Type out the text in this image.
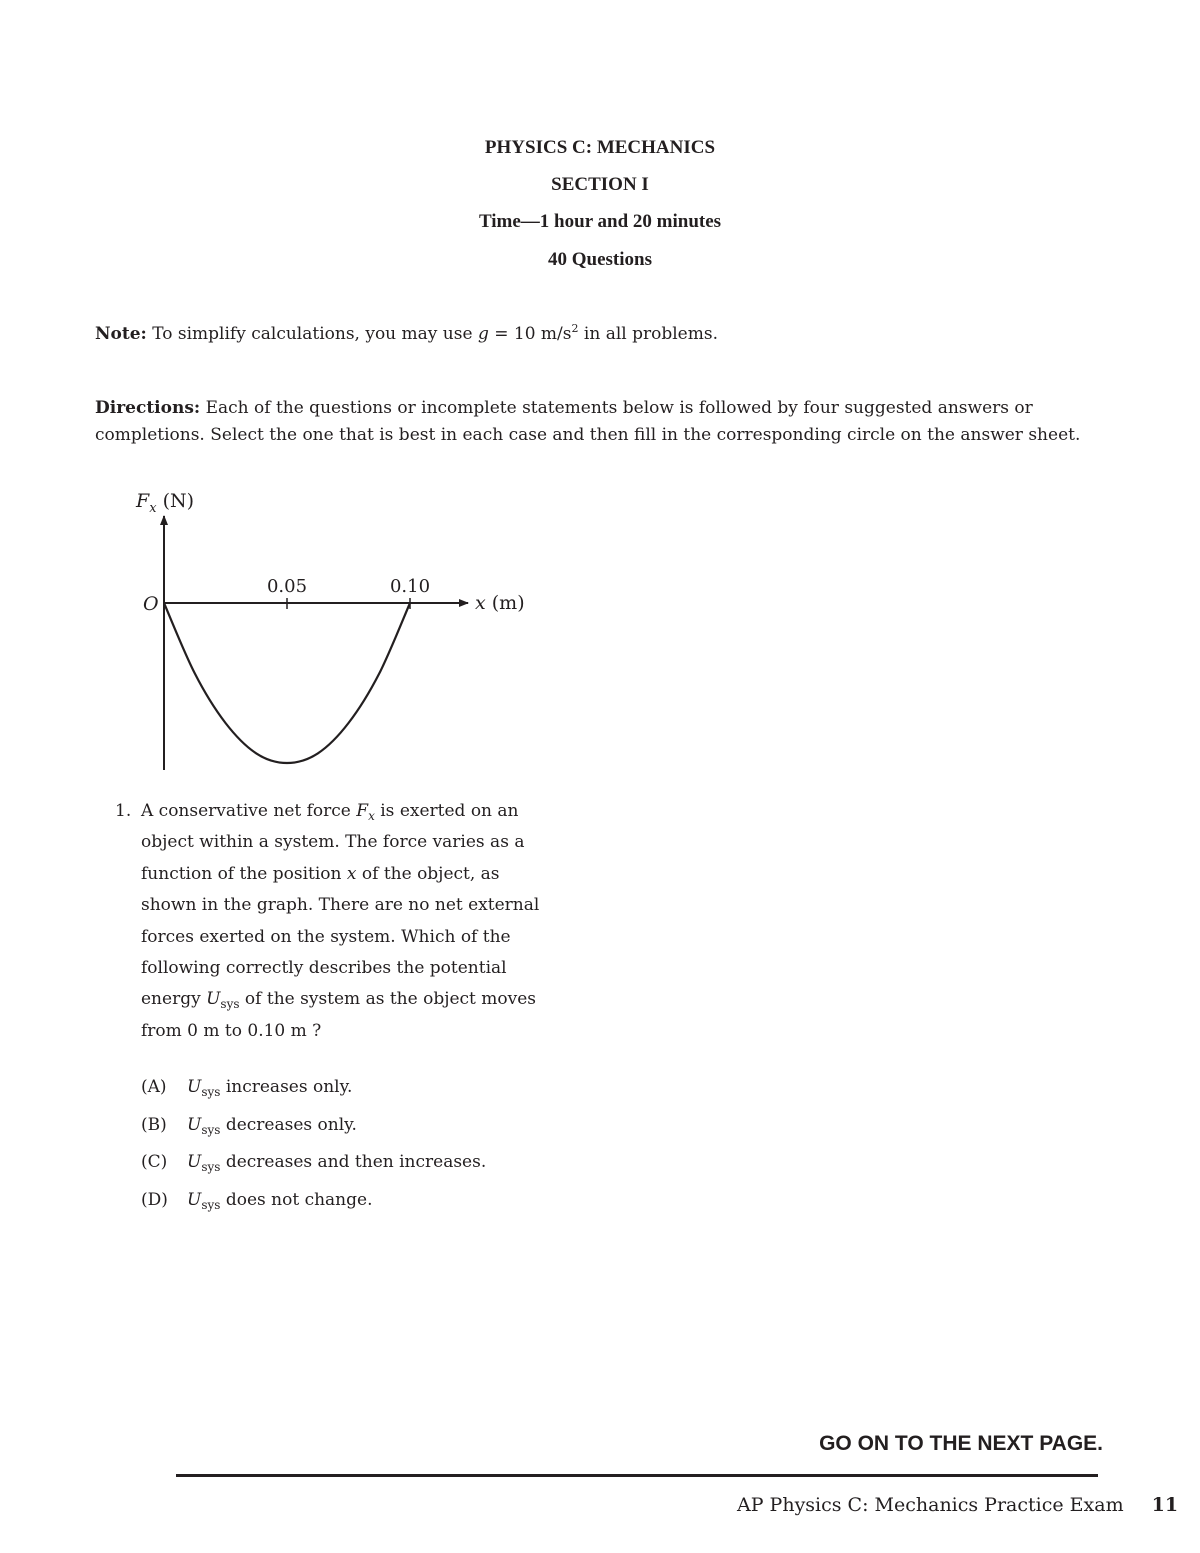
PHYSICS C: MECHANICS
SECTION I
Time—1 hour and 20 minutes
40 Questions
Note: To simplify calculations, you may use g = 10 $m/s^2$ in all problems.
Directions: Each of the questions or incomplete statements below is followed by four suggested answers or completions. Select the one that is best in each case and then fill in the corresponding circle on the answer sheet.
0.05	0.10
$F_x$ (N)
x (m)
O
1. A conservative net force $F_x$ is exerted on an object within a system. The force varies as a function of the position x of the object, as shown in the graph. There are no net external forces exerted on the system. Which of the following correctly describes the potential energy $U_{sys}$ of the system as the object moves from 0 m to 0.10 m ?
(A) $U_{sys}$ increases only.
(B) $U_{sys}$ decreases only.
(C) $U_{sys}$ decreases and then increases.
(D) $U_{sys}$ does not change.
GO ON TO THE NEXT PAGE.
AP Physics C: Mechanics Practice Exam 11
